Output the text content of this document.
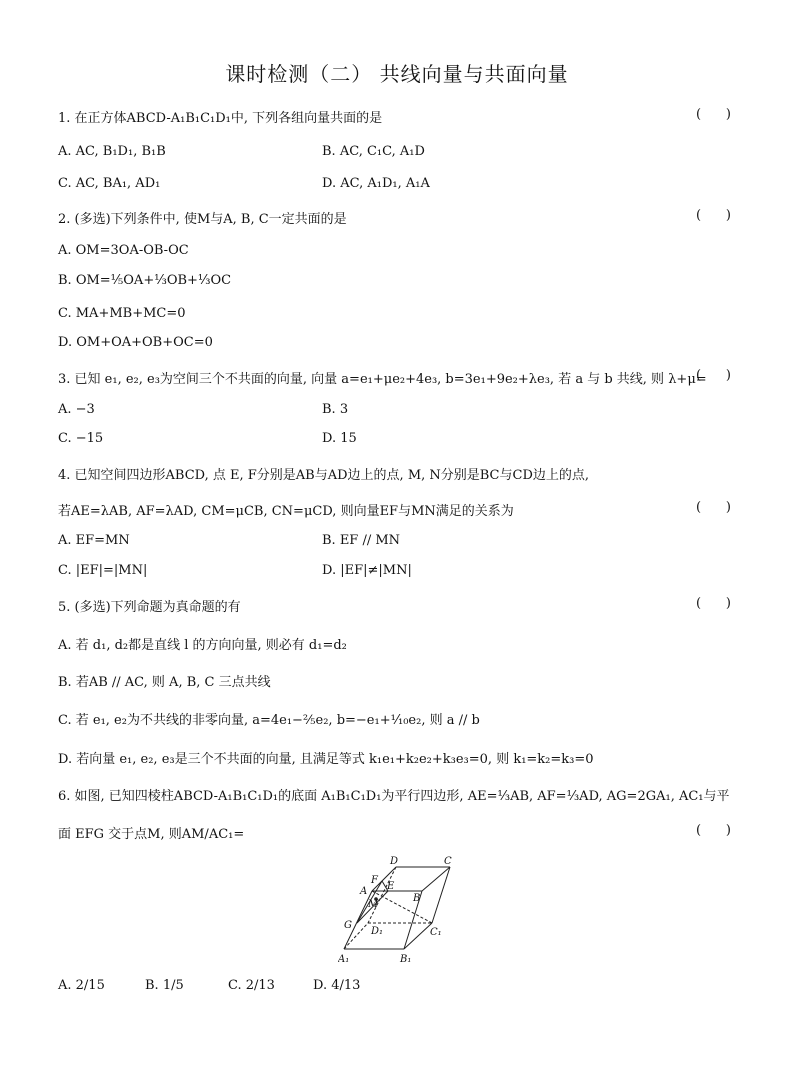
课时检测（二） 共线向量与共面向量
1. 在正方体ABCD-A₁B₁C₁D₁中, 下列各组向量共面的是	(      )
A. AC, B₁D₁, B₁B	B. AC, C₁C, A₁D
C. AC, BA₁, AD₁	D. AC, A₁D₁, A₁A
2. (多选)下列条件中, 使M与A, B, C一定共面的是	(      )
A. OM=3OA-OB-OC
B. OM=⅕OA+⅓OB+⅓OC
C. MA+MB+MC=0
D. OM+OA+OB+OC=0
3. 已知 e₁, e₂, e₃为空间三个不共面的向量, 向量 a=e₁+μe₂+4e₃, b=3e₁+9e₂+λe₃, 若 a 与 b 共线, 则 λ+μ=
(      )
A. −3	B. 3
C. −15	D. 15
4. 已知空间四边形ABCD, 点 E, F分别是AB与AD边上的点, M, N分别是BC与CD边上的点,
若AE=λAB, AF=λAD, CM=μCB, CN=μCD, 则向量EF与MN满足的关系为	(      )
A. EF=MN	B. EF // MN
C. |EF|=|MN|	D. |EF|≠|MN|
5. (多选)下列命题为真命题的有	(      )
A. 若 d₁, d₂都是直线 l 的方向向量, 则必有 d₁=d₂
B. 若AB // AC, 则 A, B, C 三点共线
C. 若 e₁, e₂为不共线的非零向量, a=4e₁−⅖e₂, b=−e₁+¹⁄₁₀e₂, 则 a // b
D. 若向量 e₁, e₂, e₃是三个不共面的向量, 且满足等式 k₁e₁+k₂e₂+k₃e₃=0, 则 k₁=k₂=k₃=0
6. 如图, 已知四棱柱ABCD-A₁B₁C₁D₁的底面 A₁B₁C₁D₁为平行四边形, AE=⅓AB, AF=⅓AD, AG=2GA₁, AC₁与平
面 EFG 交于点M, 则AM/AC₁=	(      )
D	C
F
A E
B
M
G
D₁	C₁
A₁	B₁
A. 2/15	B. 1/5	C. 2/13	D. 4/13
